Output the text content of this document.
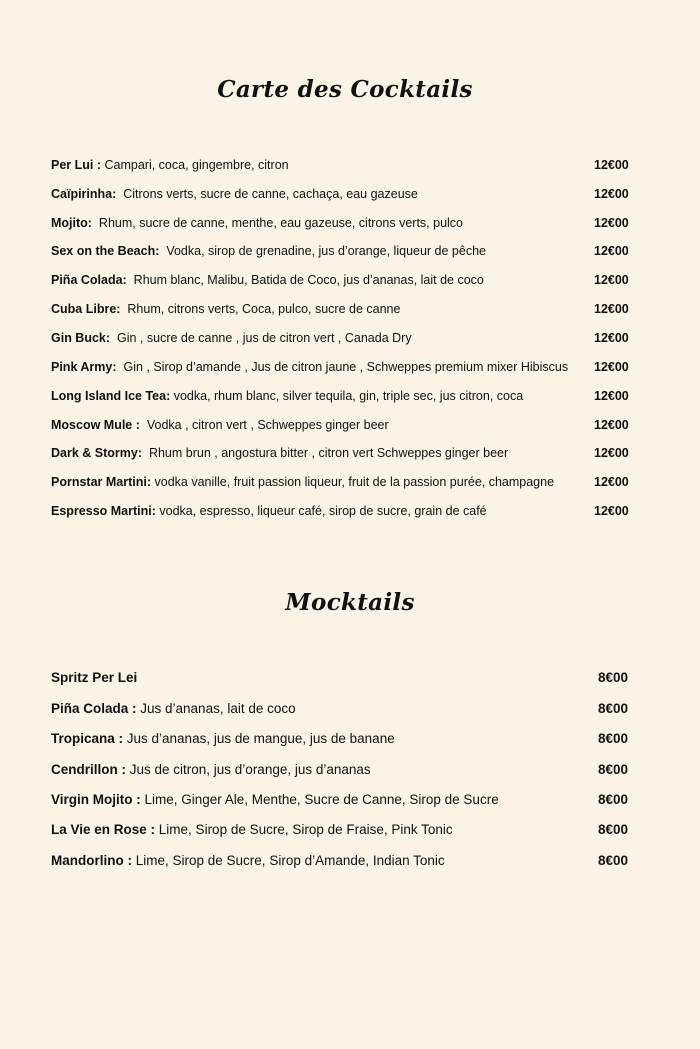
Carte des Cocktails
Per Lui : Campari, coca, gingembre, citron	12€00
Caïpirinha:  Citrons verts, sucre de canne, cachaça, eau gazeuse	12€00
Mojito:  Rhum, sucre de canne, menthe, eau gazeuse, citrons verts, pulco	12€00
Sex on the Beach:  Vodka, sirop de grenadine, jus d’orange, liqueur de pêche	12€00
Piña Colada:  Rhum blanc, Malibu, Batida de Coco, jus d’ananas, lait de coco	12€00
Cuba Libre:  Rhum, citrons verts, Coca, pulco, sucre de canne	12€00
Gin Buck:  Gin , sucre de canne , jus de citron vert , Canada Dry	12€00
Pink Army:  Gin , Sirop d’amande , Jus de citron jaune , Schweppes premium mixer Hibiscus 12€00
Long Island Ice Tea: vodka, rhum blanc, silver tequila, gin, triple sec, jus citron, coca	12€00
Moscow Mule :  Vodka , citron vert , Schweppes ginger beer	12€00
Dark & Stormy:  Rhum brun , angostura bitter , citron vert Schweppes ginger beer	12€00
Pornstar Martini: vodka vanille, fruit passion liqueur, fruit de la passion purée, champagne	12€00
Espresso Martini: vodka, espresso, liqueur café, sirop de sucre, grain de café	12€00
Mocktails
Spritz Per Lei	8€00
Piña Colada : Jus d’ananas, lait de coco	8€00
Tropicana : Jus d’ananas, jus de mangue, jus de banane	8€00
Cendrillon : Jus de citron, jus d’orange, jus d’ananas	8€00
Virgin Mojito : Lime, Ginger Ale, Menthe, Sucre de Canne, Sirop de Sucre	8€00
La Vie en Rose : Lime, Sirop de Sucre, Sirop de Fraise, Pink Tonic	8€00
Mandorlino : Lime, Sirop de Sucre, Sirop d’Amande, Indian Tonic	8€00
